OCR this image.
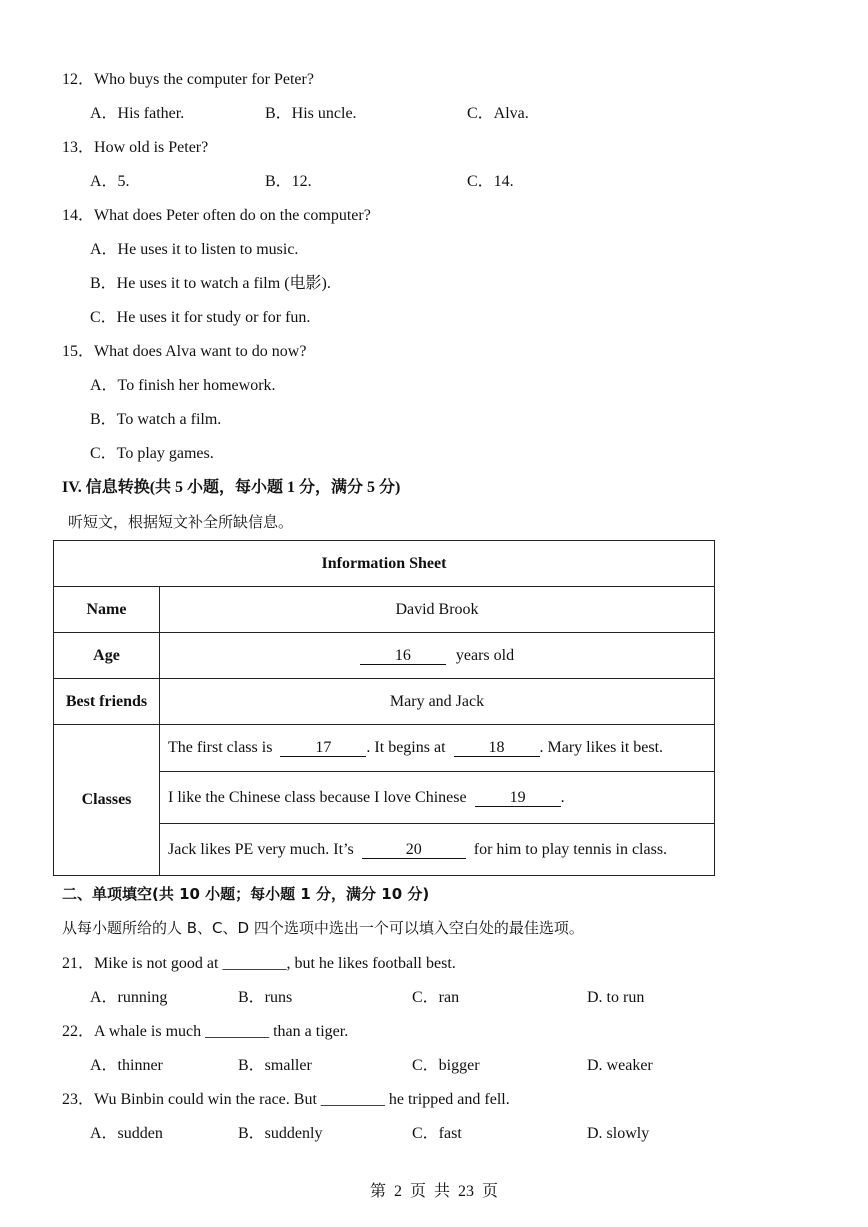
12．Who buys the computer for Peter?
A．His father.	B．His uncle.	C．Alva.
13．How old is Peter?
A．5.	B．12.	C．14.
14．What does Peter often do on the computer?
A．He uses it to listen to music.
B．He uses it to watch a film (电影).
C．He uses it for study or for fun.
15．What does Alva want to do now?
A．To finish her homework.
B．To watch a film.
C．To play games.
IV. 信息转换(共 5 小题，每小题 1 分，满分 5 分)
听短文，根据短文补全所缺信息。
Information Sheet	
Name	David Brook
Age	16 years old
Best friends	Mary and Jack
Classes	The first class is 17 . It begins at 18 . Mary likes it best.
	I like the Chinese class because I love Chinese 19 .
	Jack likes PE very much. It’s 20 for him to play tennis in class.
二、单项填空(共 10 小题；每小题 1 分，满分 10 分)
从每小题所给的人 B、C、D 四个选项中选出一个可以填入空白处的最佳选项。
21．Mike is not good at ________, but he likes football best.
A．running	B．runs	C．ran	D. to run
22．A whale is much ________ than a tiger.
A．thinner	B．smaller	C．bigger	D. weaker
23．Wu Binbin could win the race. But ________ he tripped and fell.
A．sudden	B．suddenly	C．fast	D. slowly
第 2 页 共 23 页
